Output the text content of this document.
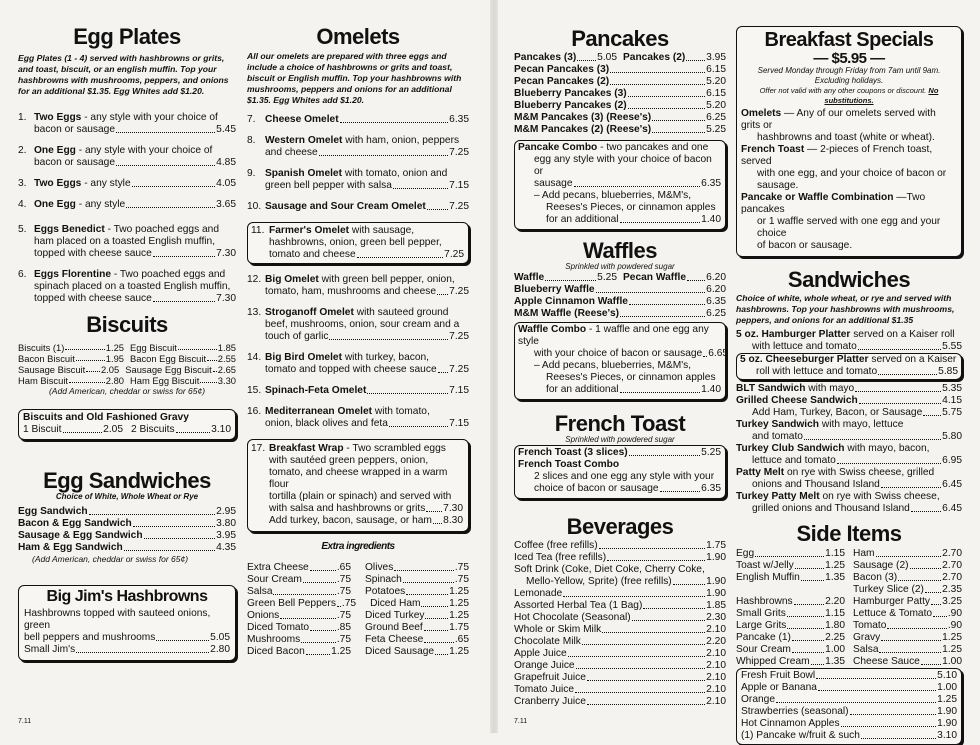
Egg Plates
Egg Plates (1 - 4) served with hashbrowns or grits, and toast, biscuit, or an english muffin. Top your hashbrowns with mushrooms, peppers, and onions for an additional $1.35. Egg Whites add $1.20.
1. Two Eggs - any style with your choice of
bacon or sausage	5.45
2. One Egg - any style with your choice of
bacon or sausage	4.85
3. Two Eggs - any style	4.05
4. One Egg - any style	3.65
5. Eggs Benedict - Two poached eggs and
ham placed on a toasted English muffin,
topped with cheese sauce	7.30
6. Eggs Florentine - Two poached eggs and
spinach placed on a toasted English muffin,
topped with cheese sauce	7.30
Biscuits
Biscuits (1)	1.25 Egg Biscuit	1.85
Bacon Biscuit	1.95 Bacon Egg Biscuit 2.55
Sausage Biscuit 2.05 Sausage Egg Biscuit 2.65
Ham Biscuit	2.80 Ham Egg Biscuit 3.30
(Add American, cheddar or swiss for 65¢)
Biscuits and Old Fashioned Gravy
1 Biscuit	2.05 2 Biscuits	3.10
Egg Sandwiches
Choice of White, Whole Wheat or Rye
Egg Sandwich	2.95
Bacon & Egg Sandwich	3.80
Sausage & Egg Sandwich	3.95
Ham & Egg Sandwich	4.35
(Add American, cheddar or swiss for 65¢)
Big Jim's Hashbrowns
Hashbrowns topped with sauteed onions, green
bell peppers and mushrooms	5.05
Small Jim's	2.80
7.11
Omelets
All our omelets are prepared with three eggs and include a choice of hashbrowns or grits and toast, biscuit or English muffin. Top your hashbrowns with mushrooms, peppers and onions for an additional $1.35. Egg Whites add $1.20.
7. Cheese Omelet	6.35
8. Western Omelet with ham, onion, peppers
and cheese	7.25
9. Spanish Omelet with tomato, onion and
green bell pepper with salsa	7.15
10. Sausage and Sour Cream Omelet 7.25
11. Farmer's Omelet with sausage,
hashbrowns, onion, green bell pepper,
tomato and cheese	7.25
12. Big Omelet with green bell pepper, onion,
tomato, ham, mushrooms and cheese 7.25
13. Stroganoff Omelet with sauteed ground
beef, mushrooms, onion, sour cream and a
touch of garlic	7.25
14. Big Bird Omelet with turkey, bacon,
tomato and topped with cheese sauce 7.25
15. Spinach-Feta Omelet	7.15
16. Mediterranean Omelet with tomato,
onion, black olives and feta	7.15
17. Breakfast Wrap - Two scrambled eggs
with sautéed green peppers, onion,
tomato, and cheese wrapped in a warm flour
tortilla (plain or spinach) and served with
with salsa and hashbrowns or grits 7.30
Add turkey, bacon, sausage, or ham 8.30
Extra ingredients
Extra Cheese	.65 Olives	.75
Sour Cream	.75 Spinach	.75
Salsa	.75 Potatoes	1.25
Green Bell Peppers .75 Diced Ham	1.25
Onions	.75 Diced Turkey 1.25
Diced Tomato	.85 Ground Beef	1.75
Mushrooms	.75 Feta Cheese	.65
Diced Bacon	1.25 Diced Sausage 1.25
Pancakes
Pancakes (3) 5.05 Pancakes (2) 3.95
Pecan Pancakes (3)	6.15
Pecan Pancakes (2)	5.20
Blueberry Pancakes (3)	6.15
Blueberry Pancakes (2)	5.20
M&M Pancakes (3) (Reese's)	6.25
M&M Pancakes (2) (Reese's)	5.25
Pancake Combo - two pancakes and one
egg any style with your choice of bacon or
sausage	6.35
– Add pecans, blueberries, M&M's,
Reeses's Pieces, or cinnamon apples
for an additional	1.40
Waffles
Sprinkled with powdered sugar
Waffle	5.25 Pecan Waffle 6.20
Blueberry Waffle	6.20
Apple Cinnamon Waffle	6.35
M&M Waffle (Reese's)	6.25
Waffle Combo - 1 waffle and one egg any style
with your choice of bacon or sausage 6.65
– Add pecans, blueberries, M&M's,
Reeses's Pieces, or cinnamon apples
for an additional	1.40
French Toast
Sprinkled with powdered sugar
French Toast (3 slices)	5.25
French Toast Combo
2 slices and one egg any style with your
choice of bacon or sausage	6.35
Beverages
Coffee (free refills)	1.75
Iced Tea (free refills)	1.90
Soft Drink (Coke, Diet Coke, Cherry Coke,
Mello-Yellow, Sprite) (free refills)	1.90
Lemonade	1.90
Assorted Herbal Tea (1 Bag)	1.85
Hot Chocolate (Seasonal)	2.30
Whole or Skim Milk	2.10
Chocolate Milk	2.20
Apple Juice	2.10
Orange Juice	2.10
Grapefruit Juice	2.10
Tomato Juice	2.10
Cranberry Juice	2.10
7.11
Breakfast Specials
— $5.95 —
Served Monday through Friday from 7am until 9am.
Excluding holidays.
Offer not valid with any other coupons or discount. No substitutions.
Omelets — Any of our omelets served with grits or
hashbrowns and toast (white or wheat).
French Toast — 2-pieces of French toast, served
with one egg, and your choice of bacon or sausage.
Pancake or Waffle Combination —Two pancakes
or 1 waffle served with one egg and your choice
of bacon or sausage.
Sandwiches
Choice of white, whole wheat, or rye and served with hashbrowns. Top your hashbrowns with mushrooms, peppers, and onions for an additional $1.35
5 oz. Hamburger Platter served on a Kaiser roll
with lettuce and tomato	5.55
5 oz. Cheeseburger Platter served on a Kaiser
roll with lettuce and tomato	5.85
BLT Sandwich with mayo	5.35
Grilled Cheese Sandwich	4.15
Add Ham, Turkey, Bacon, or Sausage 5.75
Turkey Sandwich with mayo, lettuce
and tomato	5.80
Turkey Club Sandwich with mayo, bacon,
lettuce and tomato	6.95
Patty Melt on rye with Swiss cheese, grilled
onions and Thousand Island	6.45
Turkey Patty Melt on rye with Swiss cheese,
grilled onions and Thousand Island	6.45
Side Items
Egg	1.15 Ham	2.70
Toast w/Jelly	1.25 Sausage (2)	2.70
English Muffin 1.35 Bacon (3)	2.70
Turkey Slice (2) 2.35
Hashbrowns	2.20 Hamburger Patty 3.25
Small Grits	1.15 Lettuce & Tomato .90
Large Grits	1.80 Tomato	.90
Pancake (1)	2.25 Gravy	1.25
Sour Cream	1.00 Salsa	1.25
Whipped Cream 1.35 Cheese Sauce 1.00
Fresh Fruit Bowl	5.10
Apple or Banana	1.00
Orange	1.25
Strawberries (seasonal)	1.90
Hot Cinnamon Apples	1.90
(1) Pancake w/fruit & such	3.10
